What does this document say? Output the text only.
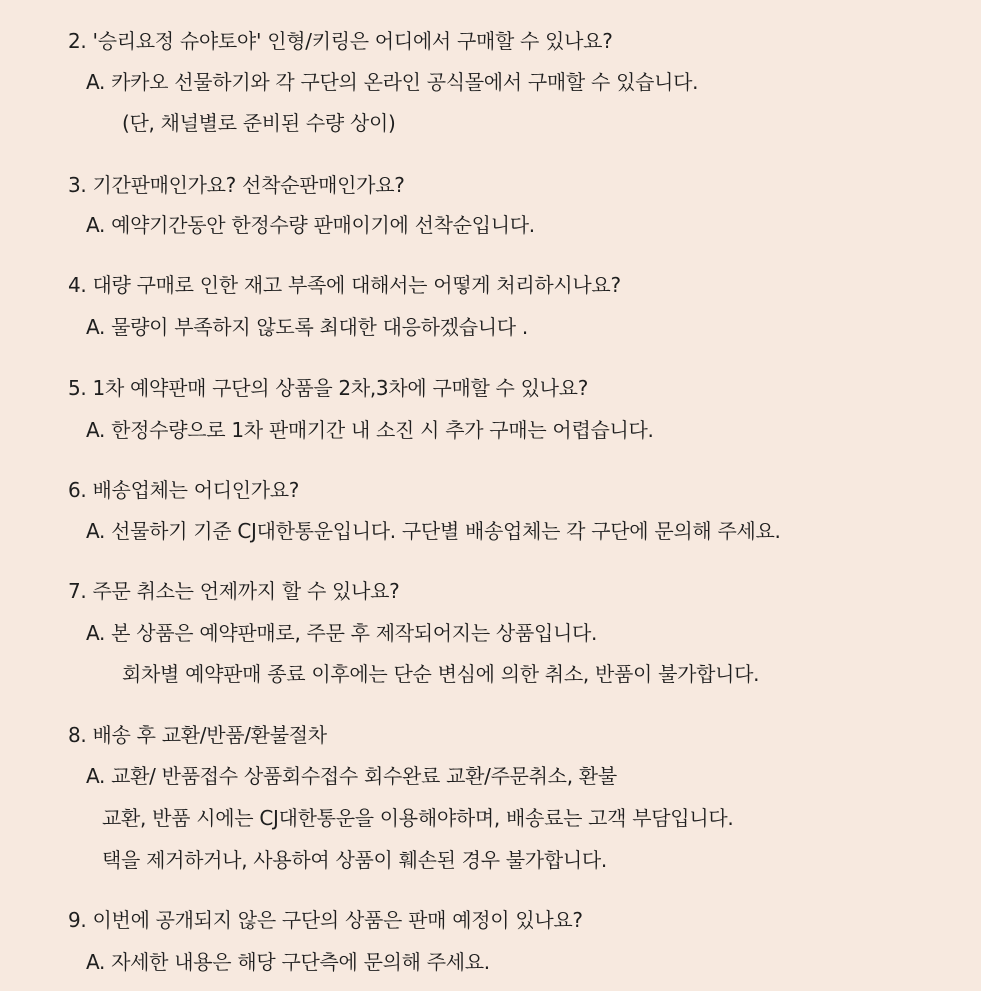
2. '승리요정 슈야토야' 인형/키링은 어디에서 구매할 수 있나요?
A. 카카오 선물하기와 각 구단의 온라인 공식몰에서 구매할 수 있습니다.
(단, 채널별로 준비된 수량 상이)
3. 기간판매인가요? 선착순판매인가요?
A. 예약기간동안 한정수량 판매이기에 선착순입니다.
4. 대량 구매로 인한 재고 부족에 대해서는 어떻게 처리하시나요?
A. 물량이 부족하지 않도록 최대한 대응하겠습니다 .
5. 1차 예약판매 구단의 상품을 2차,3차에 구매할 수 있나요?
A. 한정수량으로 1차 판매기간 내 소진 시 추가 구매는 어렵습니다.
6. 배송업체는 어디인가요?
A. 선물하기 기준 CJ대한통운입니다. 구단별 배송업체는 각 구단에 문의해 주세요.
7. 주문 취소는 언제까지 할 수 있나요?
A. 본 상품은 예약판매로, 주문 후 제작되어지는 상품입니다.
회차별 예약판매 종료 이후에는 단순 변심에 의한 취소, 반품이 불가합니다.
8. 배송 후 교환/반품/환불절차
A. 교환/ 반품접수 상품회수접수 회수완료 교환/주문취소, 환불
교환, 반품 시에는 CJ대한통운을 이용해야하며, 배송료는 고객 부담입니다.
택을 제거하거나, 사용하여 상품이 훼손된 경우 불가합니다.
9. 이번에 공개되지 않은 구단의 상품은 판매 예정이 있나요?
A. 자세한 내용은 해당 구단측에 문의해 주세요.
